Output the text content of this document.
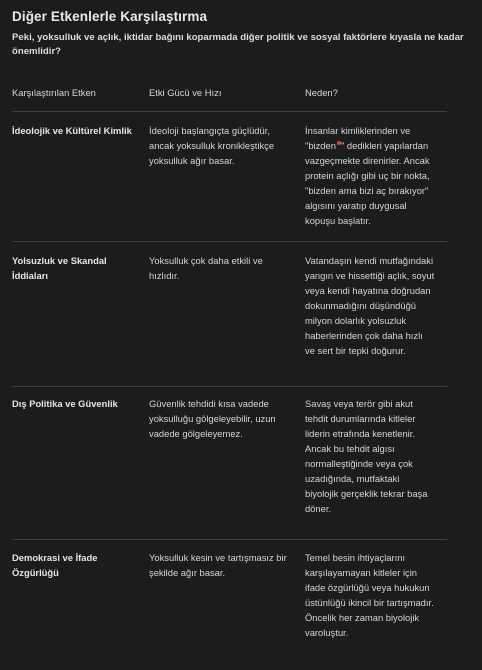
Diğer Etkenlerle Karşılaştırma

Peki, yoksulluk ve açlık, iktidar bağını koparmada diğer politik ve sosyal faktörlere kıyasla ne kadar önemlidir?

Karşılaştırılan Etken	Etki Gücü ve Hızı	Neden?
İdeolojik ve Kültürel Kimlik	İdeoloji başlangıçta güçlüdür, ancak yoksulluk kronikleştikçe yoksulluk ağır basar.	İnsanlar kimliklerinden ve "bizden " dedikleri yapılardan vazgeçmekte direnirler. Ancak protein açlığı gibi uç bir nokta, "bizden ama bizi aç bırakıyor" algısını yaratıp duygusal kopuşu başlatır.
Yolsuzluk ve Skandal İddiaları	Yoksulluk çok daha etkili ve hızlıdır.	Vatandaşın kendi mutfağındaki yangın ve hissettiği açlık, soyut veya kendi hayatına doğrudan dokunmadığını düşündüğü milyon dolarlık yolsuzluk haberlerinden çok daha hızlı ve sert bir tepki doğurur.
Dış Politika ve Güvenlik	Güvenlik tehdidi kısa vadede yoksulluğu gölgeleyebilir, uzun vadede gölgeleyemez.	Savaş veya terör gibi akut tehdit durumlarında kitleler liderin etrafında kenetlenir. Ancak bu tehdit algısı normalleştiğinde veya çok uzadığında, mutfaktaki biyolojik gerçeklik tekrar başa döner.
Demokrasi ve İfade Özgürlüğü	Yoksulluk kesin ve tartışmasız bir şekilde ağır basar.	Temel besin ihtiyaçlarını karşılayamayan kitleler için ifade özgürlüğü veya hukukun üstünlüğü ikincil bir tartışmadır. Öncelik her zaman biyolojik varoluştur.
